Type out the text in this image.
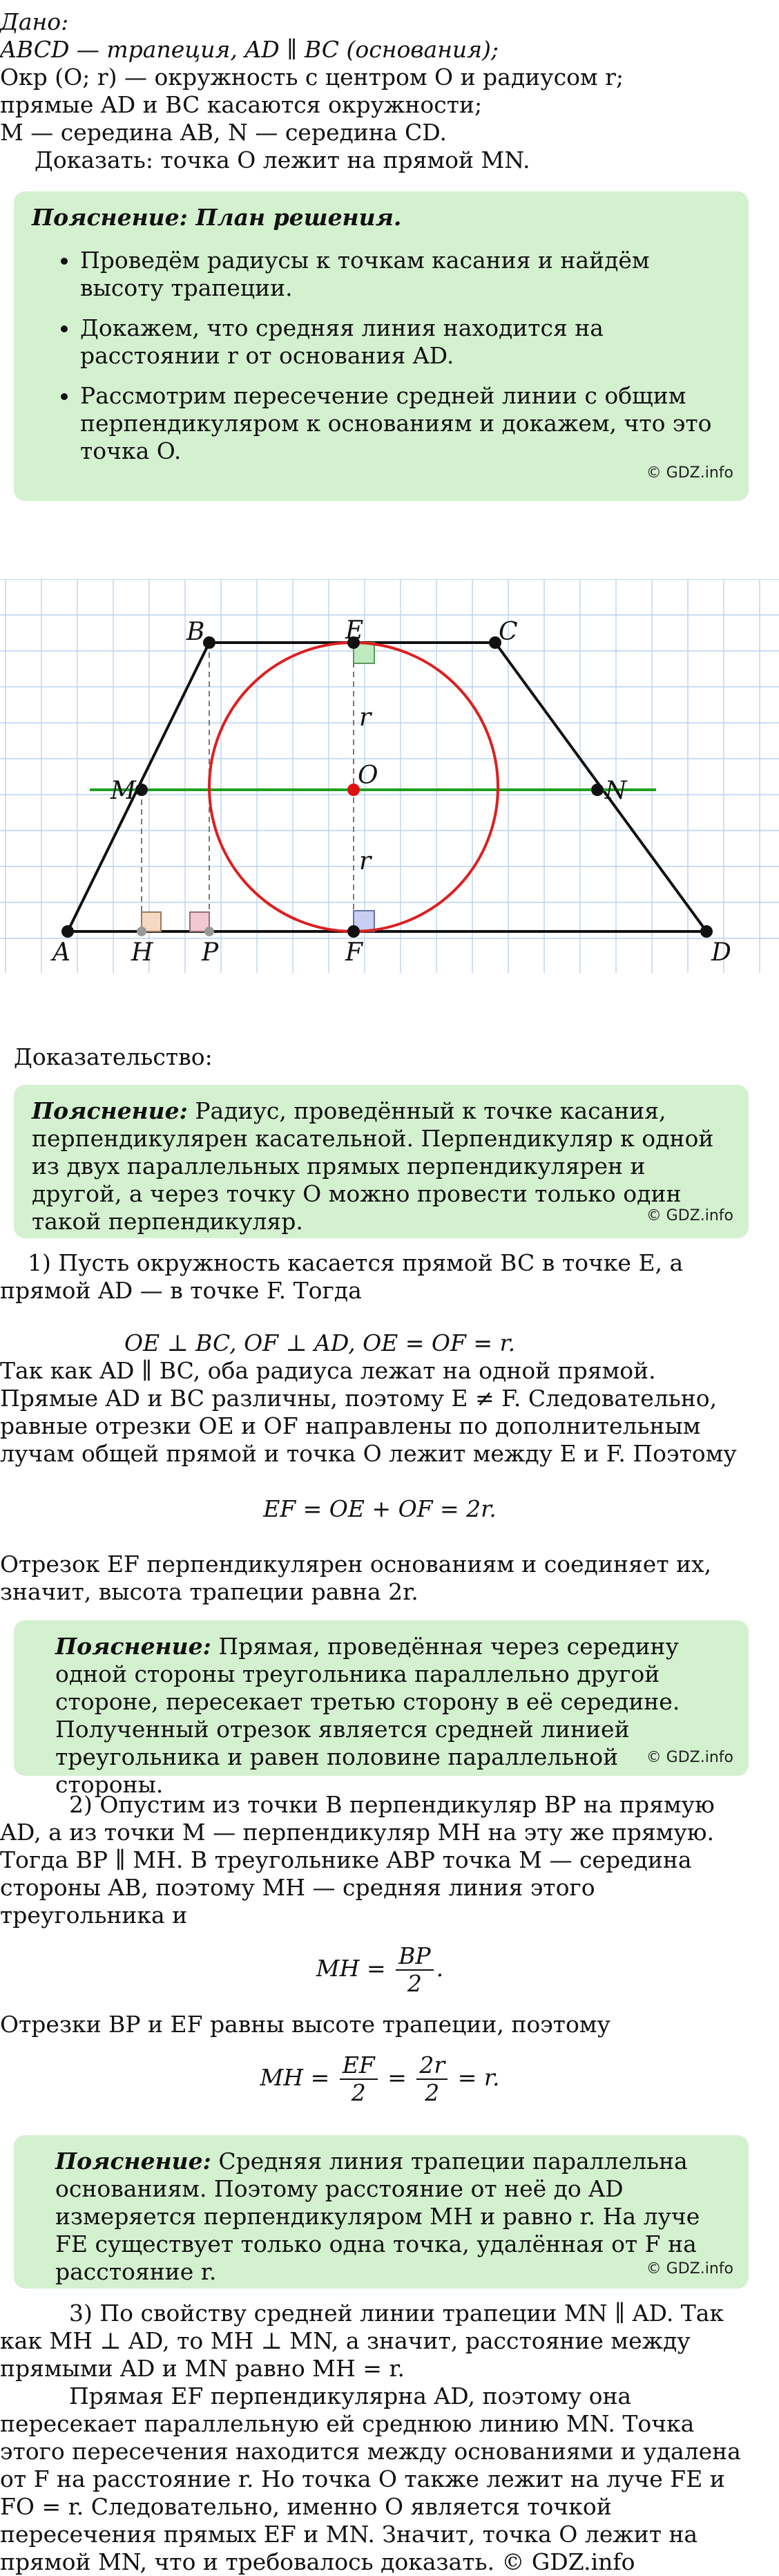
Дано:

ABCD — трапеция, AD ∥ BC (основания);

Окр (O; r) — окружность с центром O и радиусом r;

прямые AD и BC касаются окружности;

M — середина AB, N — середина CD.

Доказать: точка O лежит на прямой MN.

Пояснение: План решения.

Проведём радиусы к точкам касания и найдём высоту трапеции.
Докажем, что средняя линия находится на расстоянии r от основания AD.
Рассмотрим пересечение средней линии с общим перпендикуляром к основаниям и докажем, что это точка O.
© GDZ.info
A
B	C
D
E
F
H P
M	N
O
r
r

Доказательство:

Пояснение: Радиус, проведённый к точке касания, перпендикулярен касательной. Перпендикуляр к одной из двух параллельных прямых перпендикулярен и другой, а через точку O можно провести только один такой перпендикуляр.	© GDZ.info

1) Пусть окружность касается прямой BC в точке E, а прямой AD — в точке F. Тогда

OE ⊥ BC, OF ⊥ AD, OE = OF = r.

Так как AD ∥ BC, оба радиуса лежат на одной прямой. Прямые AD и BC различны, поэтому E ≠ F. Следовательно, равные отрезки OE и OF направлены по дополнительным лучам общей прямой и точка O лежит между E и F. Поэтому

EF = OE + OF = 2r.

Отрезок EF перпендикулярен основаниям и соединяет их, значит, высота трапеции равна 2r.

Пояснение: Прямая, проведённая через середину одной стороны треугольника параллельно другой стороне, пересекает третью сторону в её середине. Полученный отрезок является средней линией треугольника и равен половине параллельной стороны.

© GDZ.info

2) Опустим из точки B перпендикуляр BP на прямую AD, а из точки M — перпендикуляр MH на эту же прямую. Тогда BP ∥ MH. В треугольнике ABP точка M — середина стороны AB, поэтому MH — средняя линия этого треугольника и

MH = $\frac{BP}{2}$ .

Отрезки BP и EF равны высоте трапеции, поэтому

MH = $\frac{EF}{2} = \frac{2r}{2} = r$.

Пояснение: Средняя линия трапеции параллельна основаниям. Поэтому расстояние от неё до AD измеряется перпендикуляром MH и равно r. На луче FE существует только одна точка, удалённая от F на расстояние r.	© GDZ.info

3) По свойству средней линии трапеции MN ∥ AD. Так как MH ⊥ AD, то MH ⊥ MN, а значит, расстояние между прямыми AD и MN равно MH = r.

Прямая EF перпендикулярна AD, поэтому она пересекает параллельную ей среднюю линию MN. Точка этого пересечения находится между основаниями и удалена от F на расстояние r. Но точка O также лежит на луче FE и FO = r. Следовательно, именно O является точкой пересечения прямых EF и MN. Значит, точка O лежит на прямой MN, что и требовалось доказать. © GDZ.info
